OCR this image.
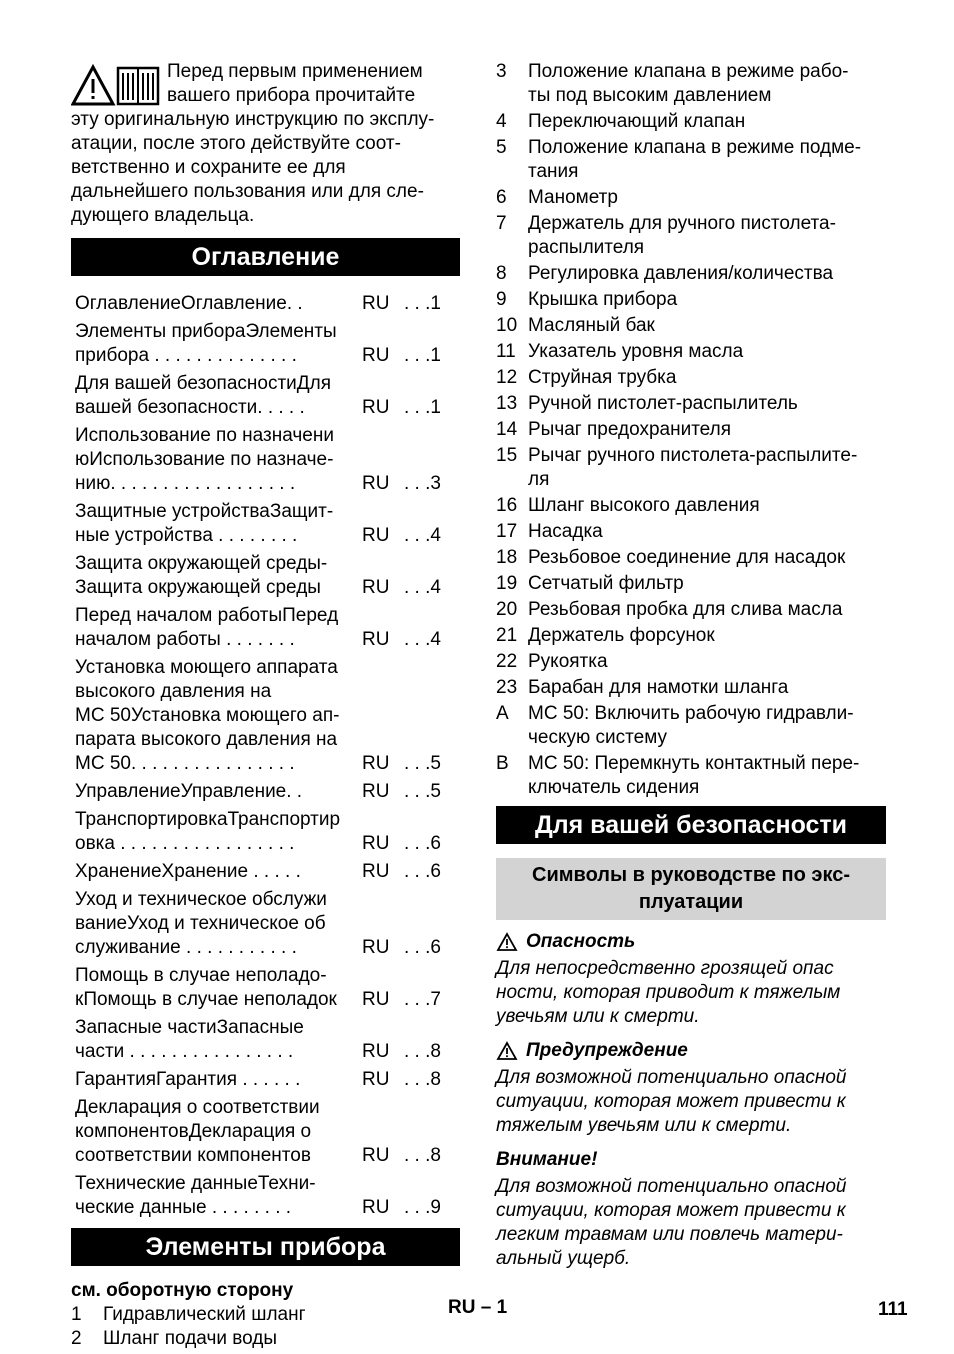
Перед первым применением
вашего прибора прочитайте
эту оригинальную инструкцию по эксплу-
атации, после этого действуйте соот-
ветственно и сохраните ее для
дальнейшего пользования или для сле-
дующего владельца.

Оглавление
ОглавлениеОглавление. .	RU . . .1
Элементы прибораЭлементы
прибора . . . . . . . . . . . . . .	RU . . .1
Для вашей безопасностиДля
вашей безопасности. . . . .	RU . . .1
Использование по назначени
юИспользование по назначе-
нию. . . . . . . . . . . . . . . . . .	RU . . .3
Защитные устройстваЗащит-
ные устройства . . . . . . . .	RU . . .4
Защита окружающей среды-
Защита окружающей среды	RU . . .4
Перед началом работыПеред
началом работы . . . . . . .	RU . . .4
Установка моющего аппарата
высокого давления на
MC 50Установка моющего ап-
парата высокого давления на
MC 50. . . . . . . . . . . . . . . .	RU . . .5
УправлениеУправление. .	RU . . .5
ТранспортировкаТранспортир
овка . . . . . . . . . . . . . . . . .	RU . . .6
ХранениеХранение . . . . .	RU . . .6
Уход и техническое обслужи
ваниеУход и техническое об
служивание . . . . . . . . . . .	RU . . .6
Помощь в случае неполадо-
кПомощь в случае неполадок	RU . . .7
Запасные частиЗапасные
части . . . . . . . . . . . . . . . .	RU . . .8
ГарантияГарантия . . . . . .	RU . . .8
Декларация о соответствии
компонентовДекларация о
соответствии компонентов	RU . . .8
Технические данныеТехни-
ческие данные . . . . . . . .	RU . . .9
Элементы прибора
см. оборотную сторону
1	Гидравлический шланг
2	Шланг подачи воды
3	Положение клапана в режиме рабо-
ты под высоким давлением
4	Переключающий клапан
5	Положение клапана в режиме подме-
тания
6	Манометр
7	Держатель для ручного пистолета-
распылителя
8	Регулировка давления/количества
9	Крышка прибора
10 Масляный бак
11 Указатель уровня масла
12 Струйная трубка
13 Ручной пистолет-распылитель
14 Рычаг предохранителя
15 Рычаг ручного пистолета-распылите-
ля
16 Шланг высокого давления
17 Насадка
18 Резьбовое соединение для насадок
19 Сетчатый фильтр
20 Резьбовая пробка для слива масла
21 Держатель форсунок
22 Рукоятка
23 Барабан для намотки шланга
A	MC 50: Включить рабочую гидравли-
ческую систему
B	MC 50: Перемкнуть контактный пере-
ключатель сидения
Для вашей безопасности
Символы в руководстве по экс-
плуатации
Опасность

Для непосредственно грозящей опас
ности, которая приводит к тяжелым
увечьям или к смерти.

Предупреждение

Для возможной потенциально опасной
ситуации, которая может привести к
тяжелым увечьям или к смерти.

Внимание!

Для возможной потенциально опасной
ситуации, которая может привести к
легким травмам или повлечь матери-
альный ущерб.

RU – 1	111
